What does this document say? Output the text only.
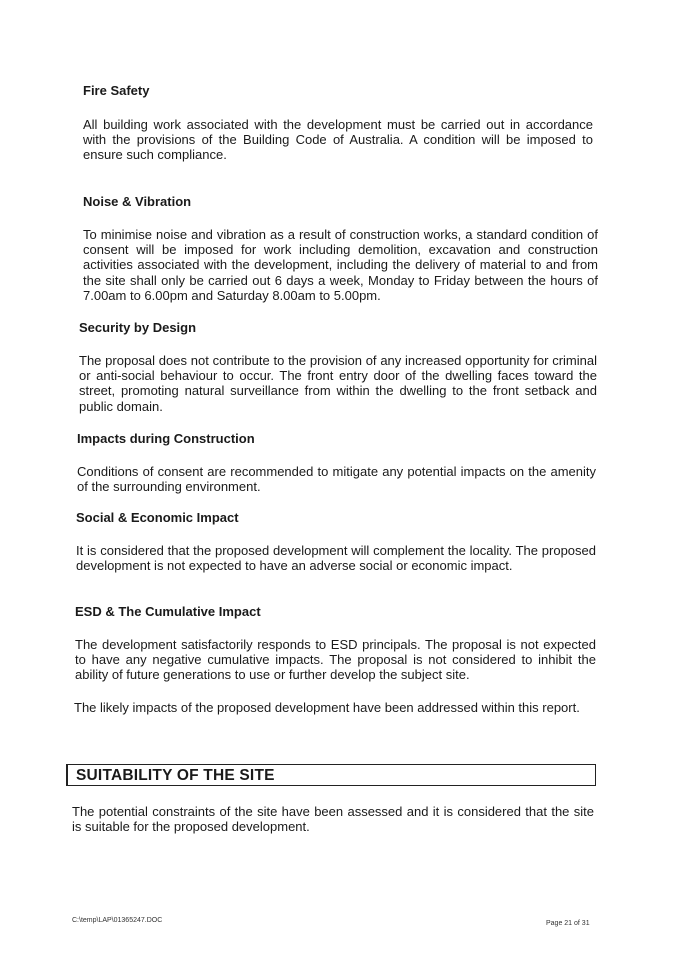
Fire Safety

All building work associated with the development must be carried out in accordance with the provisions of the Building Code of Australia. A condition will be imposed to ensure such compliance.

Noise & Vibration

To minimise noise and vibration as a result of construction works, a standard condition of consent will be imposed for work including demolition, excavation and construction activities associated with the development, including the delivery of material to and from the site shall only be carried out 6 days a week, Monday to Friday between the hours of 7.00am to 6.00pm and Saturday 8.00am to 5.00pm.

Security by Design

The proposal does not contribute to the provision of any increased opportunity for criminal or anti-social behaviour to occur. The front entry door of the dwelling faces toward the street, promoting natural surveillance from within the dwelling to the front setback and public domain.

Impacts during Construction

Conditions of consent are recommended to mitigate any potential impacts on the amenity of the surrounding environment.

Social & Economic Impact

It is considered that the proposed development will complement the locality. The proposed development is not expected to have an adverse social or economic impact.

ESD & The Cumulative Impact

The development satisfactorily responds to ESD principals. The proposal is not expected to have any negative cumulative impacts. The proposal is not considered to inhibit the ability of future generations to use or further develop the subject site.

The likely impacts of the proposed development have been addressed within this report.

SUITABILITY OF THE SITE

The potential constraints of the site have been assessed and it is considered that the site is suitable for the proposed development.

C:\temp\LAP\01365247.DOC	Page 21 of 31
